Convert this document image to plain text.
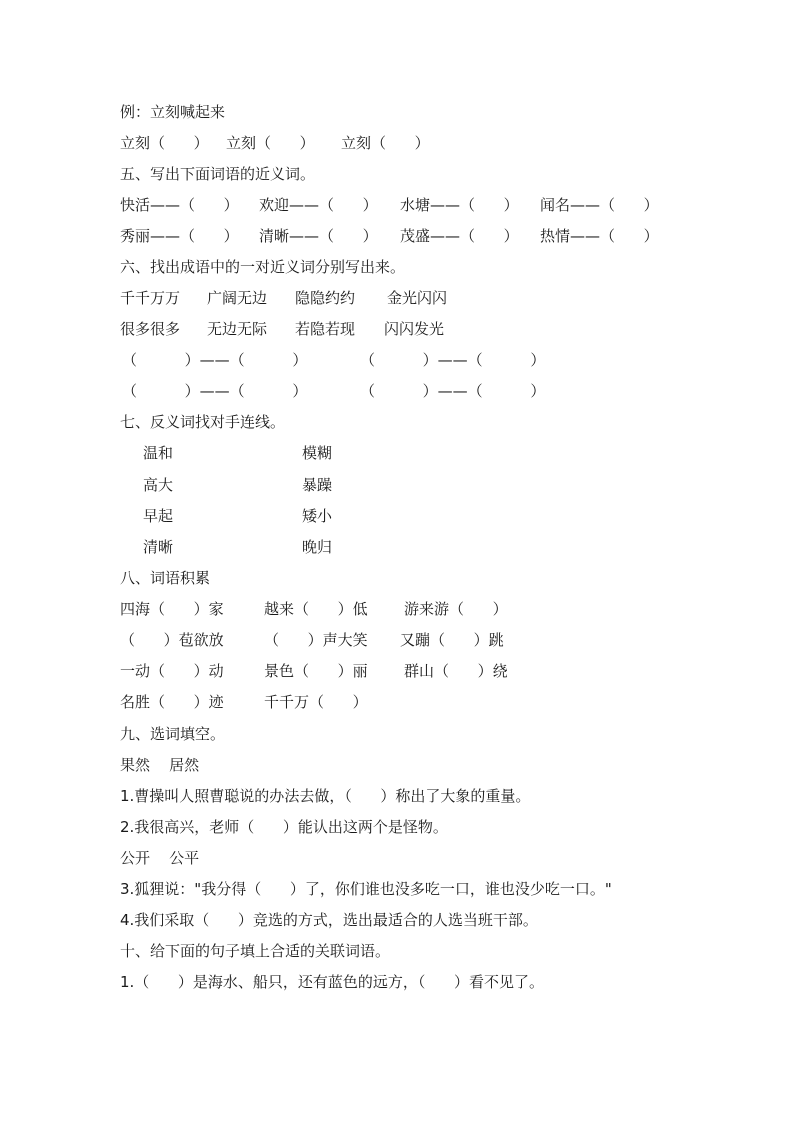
例：立刻喊起来
立刻（      ） 立刻（      ） 立刻（      ）
五、写出下面词语的近义词。
快活——（      ） 欢迎——（      ） 水塘——（      ） 闻名——（      ）
秀丽——（      ） 清晰——（      ） 茂盛——（      ） 热情——（      ）
六、找出成语中的一对近义词分别写出来。
千千万万 广阔无边 隐隐约约 金光闪闪
很多很多 无边无际 若隐若现 闪闪发光
（          ）——（          ）	（          ）——（          ）
（          ）——（          ）	（          ）——（          ）
七、反义词找对手连线。
温和	模糊
高大	暴躁
早起	矮小
清晰	晚归
八、词语积累
四海（      ）家	越来（      ）低 游来游（      ）
（      ）苞欲放	（      ）声大笑 又蹦（      ）跳
一动（      ）动	景色（      ）丽 群山（      ）绕
名胜（      ）迹	千千万（      ）
九、选词填空。
果然    居然
1.曹操叫人照曹聪说的办法去做，（      ）称出了大象的重量。
2.我很高兴，老师（      ）能认出这两个是怪物。
公开    公平
3.狐狸说："我分得（      ）了，你们谁也没多吃一口，谁也没少吃一口。"
4.我们采取（      ）竞选的方式，选出最适合的人选当班干部。
十、给下面的句子填上合适的关联词语。
1.（      ）是海水、船只，还有蓝色的远方，（      ）看不见了。
